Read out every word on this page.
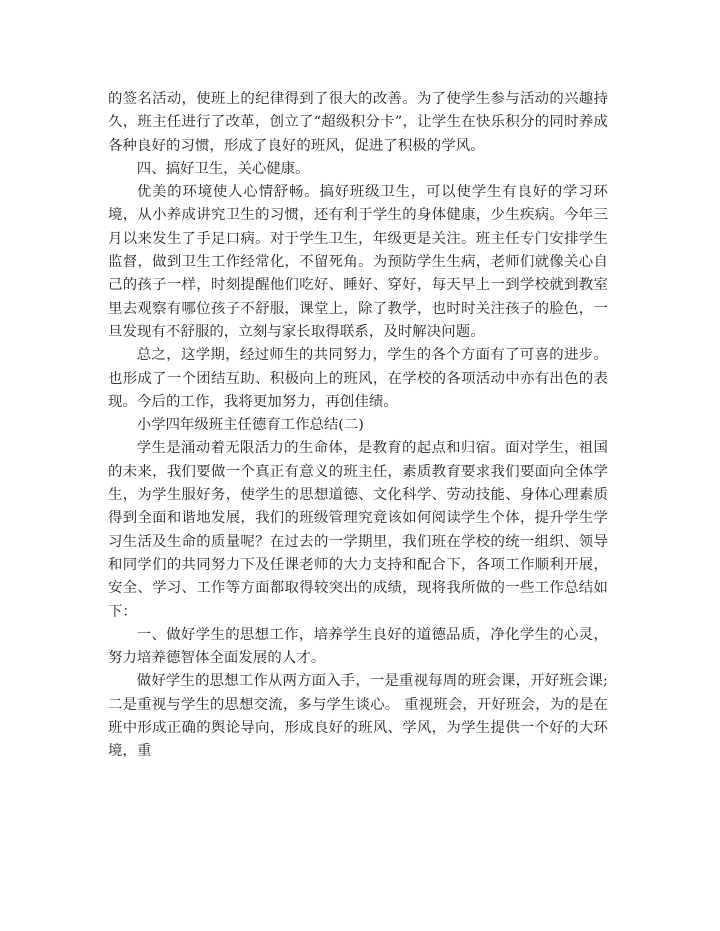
的签名活动，使班上的纪律得到了很大的改善。为了使学生参与活动的兴趣持久，班主任进行了改革，创立了“超级积分卡”，让学生在快乐积分的同时养成各种良好的习惯，形成了良好的班风，促进了积极的学风。

四、搞好卫生，关心健康。

优美的环境使人心情舒畅。搞好班级卫生，可以使学生有良好的学习环境，从小养成讲究卫生的习惯，还有利于学生的身体健康，少生疾病。今年三月以来发生了手足口病。对于学生卫生，年级更是关注。班主任专门安排学生监督，做到卫生工作经常化，不留死角。为预防学生生病，老师们就像关心自己的孩子一样，时刻提醒他们吃好、睡好、穿好，每天早上一到学校就到教室里去观察有哪位孩子不舒服，课堂上，除了教学，也时时关注孩子的脸色，一旦发现有不舒服的，立刻与家长取得联系，及时解决问题。

总之，这学期，经过师生的共同努力，学生的各个方面有了可喜的进步。也形成了一个团结互助、积极向上的班风，在学校的各项活动中亦有出色的表现。今后的工作，我将更加努力，再创佳绩。

小学四年级班主任德育工作总结(二)

学生是涌动着无限活力的生命体，是教育的起点和归宿。面对学生，祖国的未来，我们要做一个真正有意义的班主任，素质教育要求我们要面向全体学生，为学生服好务，使学生的思想道德、文化科学、劳动技能、身体心理素质得到全面和谐地发展，我们的班级管理究竟该如何阅读学生个体，提升学生学习生活及生命的质量呢？在过去的一学期里，我们班在学校的统一组织、领导和同学们的共同努力下及任课老师的大力支持和配合下，各项工作顺利开展，安全、学习、工作等方面都取得较突出的成绩，现将我所做的一些工作总结如下：

一、做好学生的思想工作，培养学生良好的道德品质，净化学生的心灵，努力培养德智体全面发展的人才。

做好学生的思想工作从两方面入手，一是重视每周的班会课，开好班会课;二是重视与学生的思想交流，多与学生谈心。 重视班会，开好班会，为的是在班中形成正确的舆论导向，形成良好的班风、学风，为学生提供一个好的大环境，重
